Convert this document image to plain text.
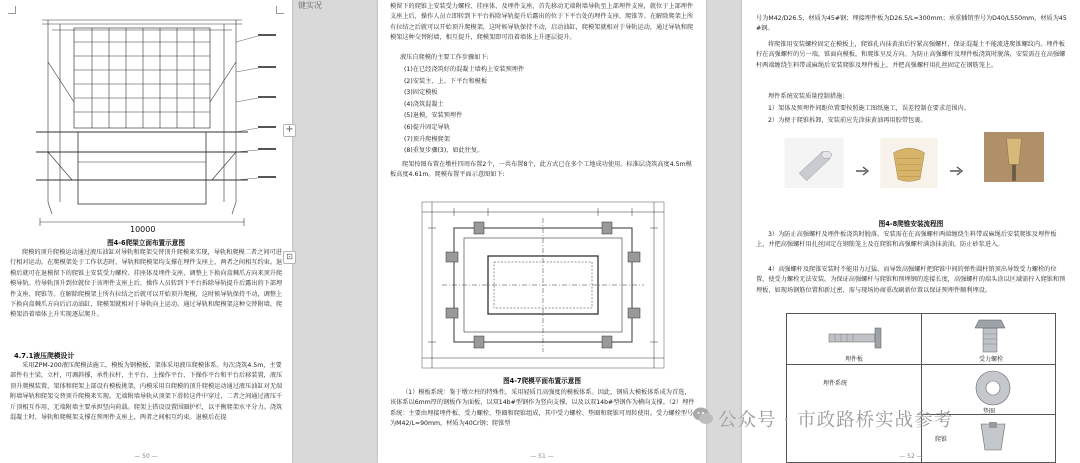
10000
图4-6爬架立面布置示意图

爬模的顶升爬模运动通过液压油缸对导轨和爬架交替顶升爬模来实现，导轨和爬模二者之间可进行相对运动。在爬模架处于工作状态时，导轨和爬模架均支撑在埋件支座上，两者之间相互约束。退模后就可在退模留下的爬锥上安装受力螺栓、挂座体及埋件支座，调整上下换向盒棘爪方向来顶升爬模导轨。待导轨顶升到位就位于该埋件支座上后，操作人员转到下平台拆除导轨提升后露出的下部埋件支座、爬锥等。在解除爬模架上所有拉结之后就可以开始顶升爬模，这时候导轨保持不动，调整上下换向盒棘爪方向后启动油缸，爬模架就相对于导轨向上运动。通过导轨和爬模架这种交替附墙，爬模架沿着墙体上升实现逐层爬升。

4.7.1液压爬模设计

采用ZPM-200液压爬模法施工，模板为钢模板，架体采用液压爬模体系。每次浇筑4.5m，主要部件有主梁，立杆，可调斜撑，承性拉杆，主平台、上操作平台、下操作平台和平台后移装置，液压顶升爬模装置，架体和爬架上部设有模板挑架，内模采用自爬模的顶升爬模运动通过液压油缸对无端附墙导轨和爬架交替顶升爬模来实现。无端附墙导轨从顶架下滑转这件中穿过，二者之间通过液压千斤顶相互作用，无端附墙主要承担竖向荷载。爬架上搭设设置围圈护栏，以平衡爬架水平分力。浇筑混凝土时，导轨和爬模架支撑在预埋件支座上，两者之间相互约束。退模后在提

— 50 —
键实况
+
⊡

模留下的爬锥上安装受力螺栓、挂座体、及埋件支座，首先移动无端附墙导轨至上部埋件支座，就位于上部埋件支座上后，操作人员立即转到下平台拆除导轨提升后露出的位于下平台处的埋件支座、爬锥等。在解除爬架上所有拉结之后就可以开始顶升爬模架，这时候导轨保持不动，启动油缸，爬模架就相对于导轨运动，通过导轨和爬模架这种交替附墙，相互提升，爬模架即可沿着墙体上升逐层提升。

液压自爬模的主要工作步骤如下:
(1)在已经浇筑好的混凝土墙构上安装预埋件
(2)安装主、上、下平台和模板
(3)固定模板
(4)浇筑混凝土
(5)退模，安装预埋件
(6)提升固定导轨
(7)顶升爬模爬架
(8)重复步骤(3)，如此往复。

爬架按图布置在墩柱四周布置2个，一共布置8个，此方式已在多个工地成功使用。标准层浇筑高度4.5m模板高度4.61m。爬模布置平面示意图如下:

图4-7爬模平面布置示意图

（1）模板系统：鉴于墩立柱的特殊性，采用轻质且高强度的模板体系。因此，钢质大模板体系成为首选，该体系以6mm厚的钢板作为面板，以双14b#型钢作为竖向支撑，以及以双14b#型钢作为横向支撑。（2）埋件系统：主要由埋接埋件板、受力螺栓、垫圈和爬锥组成，其中受力螺栓、垫圈和爬锥可周转使用。受力螺栓型号为M42/L=90mm，材质为40Cr钢；爬锥型

— 51 —

号为M42/D26.5，材质为45#钢；埋接埋件板为D26.5/L=300mm；承重插销型号为D40/L550mm，材质为45#钢。

将爬锥用安装螺栓固定在模板上，爬锥孔内抹黄油后拧紧高强螺杆，保证混凝土不能流进爬锥螺纹内。埋件板拧在高强螺杆的另一端，锥面向模板，和爬锥呈反方向。为防止高强螺杆及埋件板浇筑时脱落，安装需在在高强螺杆两端缠绕生料带或麻绳后安装爬锥及埋件板上，并把高强螺杆用扎丝固定在钢筋笼上。

埋件系统安装质量控制措施：
1）架体及预埋件间距位置要按照施工图纸施工，误差控制在要求范围内。
2）为便于爬锥拆卸，安装前应先涂抹黄油再用胶带包裹。
图4-8爬锥安装流程图

3）为防止高强螺杆及埋件板浇筑时脱落，安装需在在高强螺杆两端缠绕生料带或麻绳后安装爬锥及埋件板上，并把高强螺杆用扎丝固定在钢筋笼上及在爬锥和高强螺杆满涂抹黄油，防止砂浆进入。

4）高强螺杆及爬锥安装时不能用力过猛，而导致高强螺杆把爬锥中间的弹性圆柱销顶出导致受力螺栓的位置，使受力螺栓无法安装。为保证高强螺杆与爬锥和预埋钢的连接长度，高强螺杆的端头涂以区域需拧入爬锥和预埋板，如现场钢筋位置和新过密，需与现场协商重改刷新位置以保证预埋件顺利埋设。

埋件板	受力螺栓
埋件系统
垫圈
爬锥
— 52 —
公众号 · 市政路桥实战参考
